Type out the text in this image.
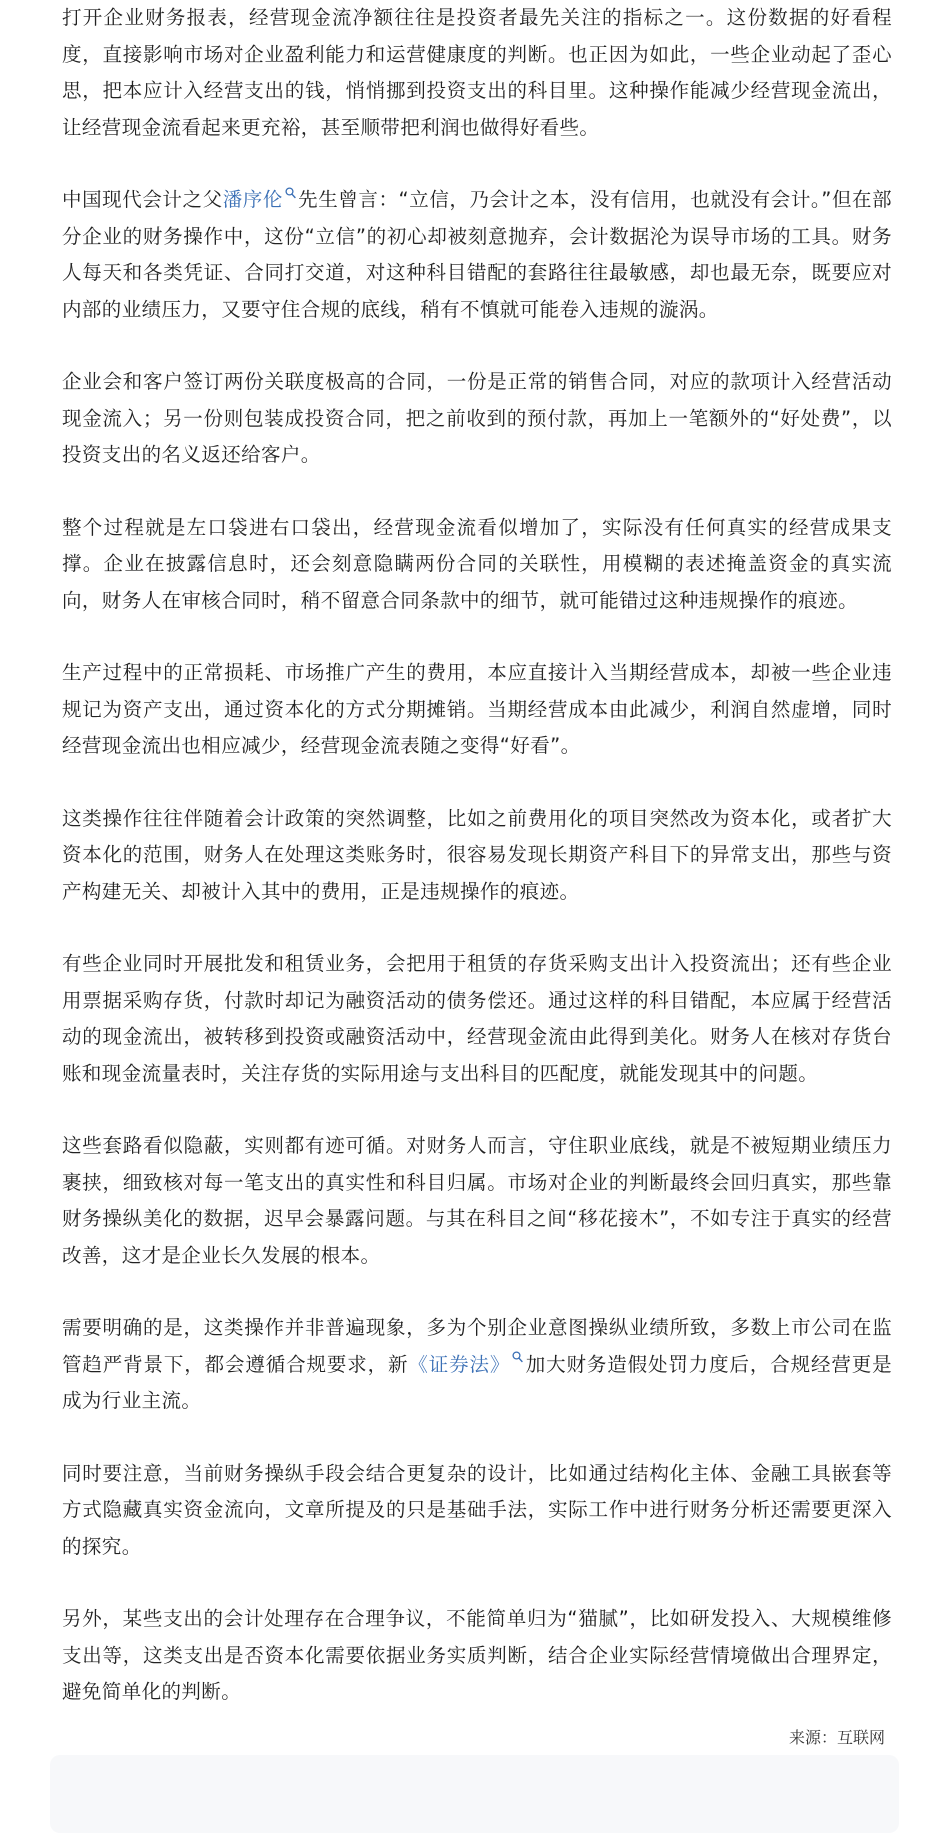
打开企业财务报表，经营现金流净额往往是投资者最先关注的指标之一。这份数据的好看程度，直接影响市场对企业盈利能力和运营健康度的判断。也正因为如此，一些企业动起了歪心思，把本应计入经营支出的钱，悄悄挪到投资支出的科目里。这种操作能减少经营现金流出，让经营现金流看起来更充裕，甚至顺带把利润也做得好看些。

中国现代会计之父潘序伦 先生曾言：“立信，乃会计之本，没有信用，也就没有会计。”但在部分企业的财务操作中，这份“立信”的初心却被刻意抛弃，会计数据沦为误导市场的工具。财务人每天和各类凭证、合同打交道，对这种科目错配的套路往往最敏感，却也最无奈，既要应对内部的业绩压力，又要守住合规的底线，稍有不慎就可能卷入违规的漩涡。

企业会和客户签订两份关联度极高的合同，一份是正常的销售合同，对应的款项计入经营活动现金流入；另一份则包装成投资合同，把之前收到的预付款，再加上一笔额外的“好处费”，以投资支出的名义返还给客户。

整个过程就是左口袋进右口袋出，经营现金流看似增加了，实际没有任何真实的经营成果支撑。企业在披露信息时，还会刻意隐瞒两份合同的关联性，用模糊的表述掩盖资金的真实流向，财务人在审核合同时，稍不留意合同条款中的细节，就可能错过这种违规操作的痕迹。

生产过程中的正常损耗、市场推广产生的费用，本应直接计入当期经营成本，却被一些企业违规记为资产支出，通过资本化的方式分期摊销。当期经营成本由此减少，利润自然虚增，同时经营现金流出也相应减少，经营现金流表随之变得“好看”。

这类操作往往伴随着会计政策的突然调整，比如之前费用化的项目突然改为资本化，或者扩大资本化的范围，财务人在处理这类账务时，很容易发现长期资产科目下的异常支出，那些与资产构建无关、却被计入其中的费用，正是违规操作的痕迹。

有些企业同时开展批发和租赁业务，会把用于租赁的存货采购支出计入投资流出；还有些企业用票据采购存货，付款时却记为融资活动的债务偿还。通过这样的科目错配，本应属于经营活动的现金流出，被转移到投资或融资活动中，经营现金流由此得到美化。财务人在核对存货台账和现金流量表时，关注存货的实际用途与支出科目的匹配度，就能发现其中的问题。

这些套路看似隐蔽，实则都有迹可循。对财务人而言，守住职业底线，就是不被短期业绩压力裹挟，细致核对每一笔支出的真实性和科目归属。市场对企业的判断最终会回归真实，那些靠财务操纵美化的数据，迟早会暴露问题。与其在科目之间“移花接木”，不如专注于真实的经营改善，这才是企业长久发展的根本。

需要明确的是，这类操作并非普遍现象，多为个别企业意图操纵业绩所致，多数上市公司在监管趋严背景下，都会遵循合规要求，新《证券法》 加大财务造假处罚力度后，合规经营更是成为行业主流。

同时要注意，当前财务操纵手段会结合更复杂的设计，比如通过结构化主体、金融工具嵌套等方式隐藏真实资金流向，文章所提及的只是基础手法，实际工作中进行财务分析还需要更深入的探究。

另外，某些支出的会计处理存在合理争议，不能简单归为“猫腻”，比如研发投入、大规模维修支出等，这类支出是否资本化需要依据业务实质判断，结合企业实际经营情境做出合理界定，避免简单化的判断。

来源：互联网
